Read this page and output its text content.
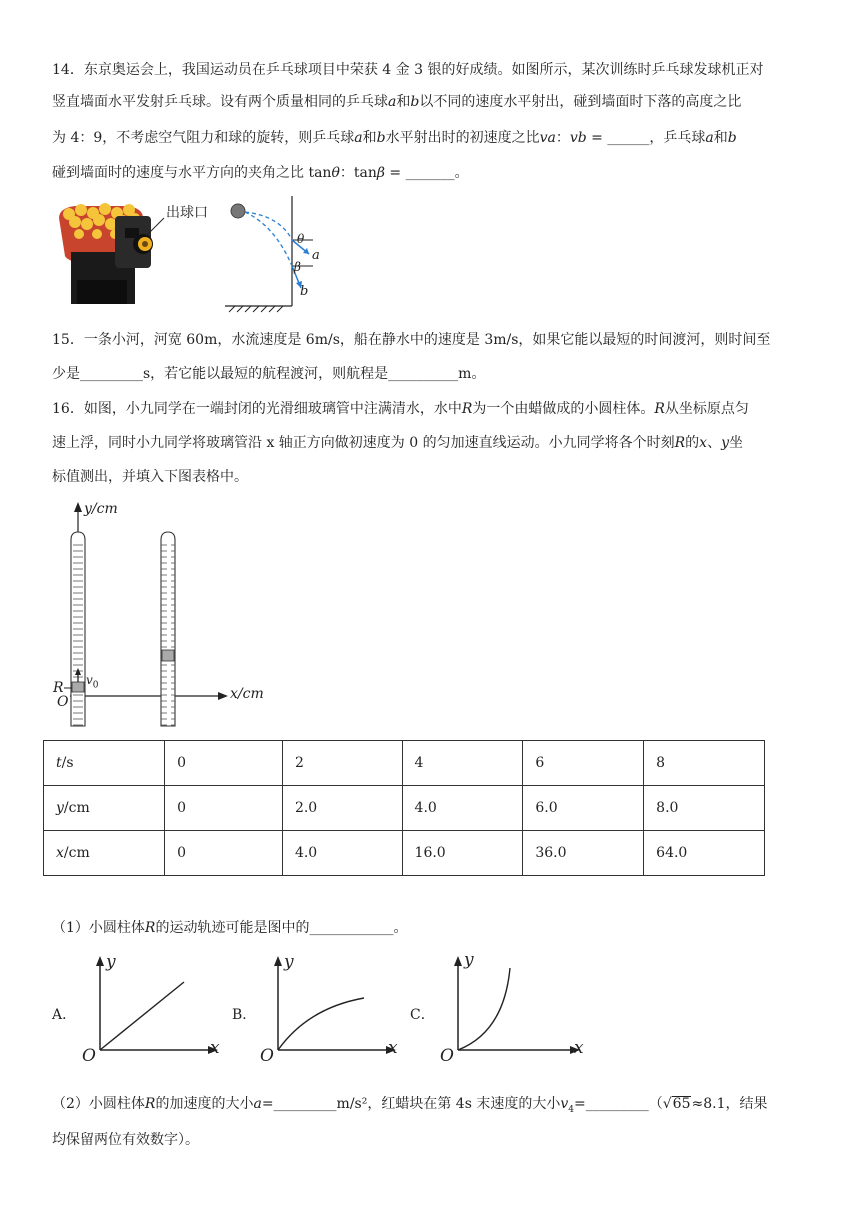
14．东京奥运会上，我国运动员在乒乓球项目中荣获 4 金 3 银的好成绩。如图所示，某次训练时乒乓球发球机正对

竖直墙面水平发射乒乓球。设有两个质量相同的乒乓球a和b以不同的速度水平射出，碰到墙面时下落的高度之比

为 4：9，不考虑空气阻力和球的旋转，则乒乓球a和b水平射出时的初速度之比va：vb = ______，乒乓球a和b

碰到墙面时的速度与水平方向的夹角之比 tanθ：tanβ = _______。

出球口
θ
β
a
b

15．一条小河，河宽 60m，水流速度是 6m/s，船在静水中的速度是 3m/s，如果它能以最短的时间渡河，则时间至

少是_________s，若它能以最短的航程渡河，则航程是__________m。

16．如图，小九同学在一端封闭的光滑细玻璃管中注满清水，水中R为一个由蜡做成的小圆柱体。R从坐标原点匀

速上浮，同时小九同学将玻璃管沿 x 轴正方向做初速度为 0 的匀加速直线运动。小九同学将各个时刻R的x、y坐

标值测出，并填入下图表格中。

y/cm
x/cm
R
O
$v_0$
t/s	0	2	4	6	8
y/cm	0	2.0	4.0	6.0	8.0
x/cm	0	4.0	16.0	36.0	64.0

（1）小圆柱体R的运动轨迹可能是图中的____________。

A．
y
x
O
B．
y
x
O
C．
y
x
O

（2）小圆柱体R的加速度的大小a=_________m/s²，红蜡块在第 4s 末速度的大小$v_4=\_\_\_\_\_\_\_\_\_(√65\approx 8.1$，结果

均保留两位有效数字）。
